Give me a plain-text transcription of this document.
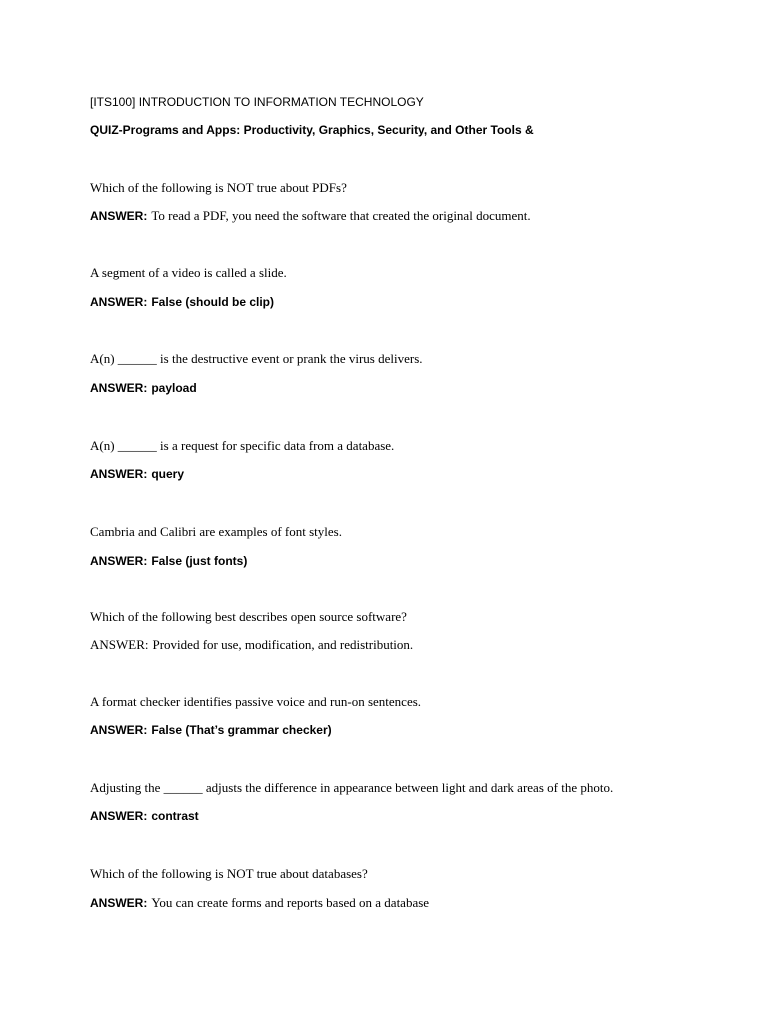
[ITS100] INTRODUCTION TO INFORMATION TECHNOLOGY
QUIZ-Programs and Apps: Productivity, Graphics, Security, and Other Tools &
Which of the following is NOT true about PDFs?
ANSWER: To read a PDF, you need the software that created the original document.
A segment of a video is called a slide.
ANSWER: False (should be clip)
A(n) ______ is the destructive event or prank the virus delivers.
ANSWER: payload
A(n) ______ is a request for specific data from a database.
ANSWER: query
Cambria and Calibri are examples of font styles.
ANSWER: False (just fonts)
Which of the following best describes open source software?
ANSWER: Provided for use, modification, and redistribution.
A format checker identifies passive voice and run-on sentences.
ANSWER: False (That’s grammar checker)
Adjusting the ______ adjusts the difference in appearance between light and dark areas of the photo.
ANSWER: contrast
Which of the following is NOT true about databases?
ANSWER: You can create forms and reports based on a database
